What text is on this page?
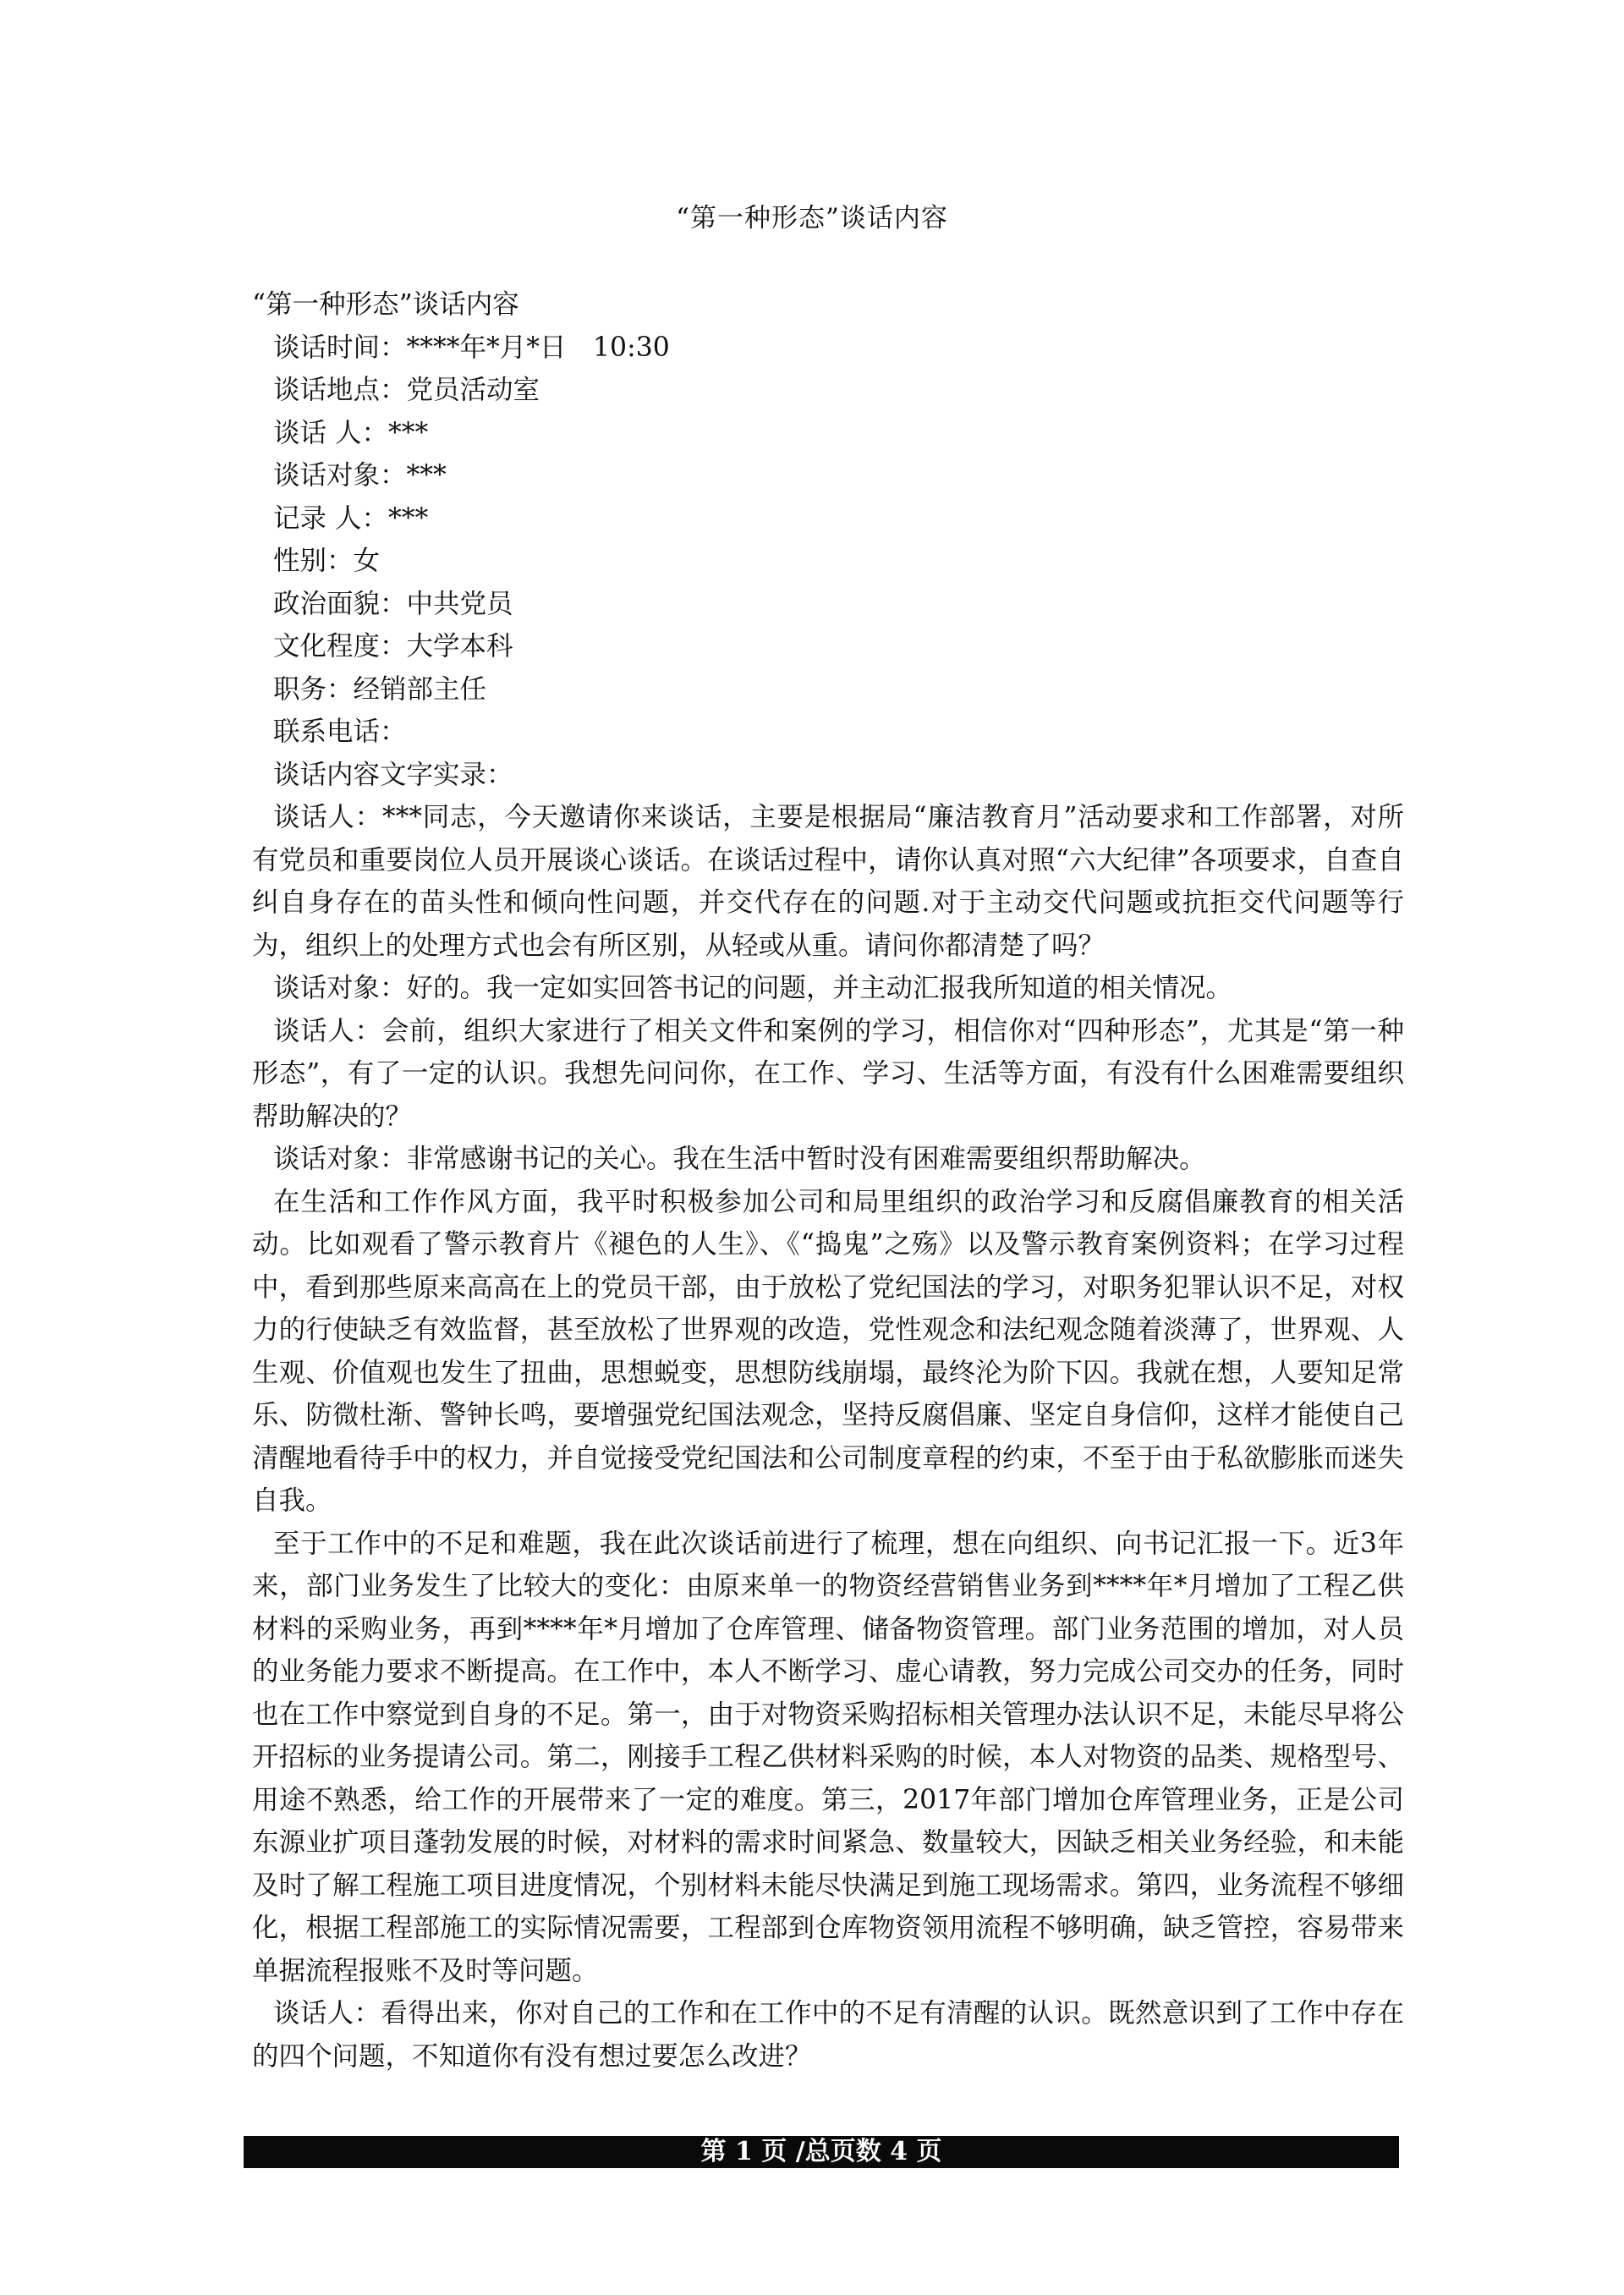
“第一种形态”谈话内容

“第一种形态”谈话内容

谈话时间：****年*月*日　10:30

谈话地点：党员活动室

谈话 人：***

谈话对象：***

记录 人：***

性别：女

政治面貌：中共党员

文化程度：大学本科

职务：经销部主任

联系电话：

谈话内容文字实录：

谈话人：***同志，今天邀请你来谈话，主要是根据局“廉洁教育月”活动要求和工作部署，对所有党员和重要岗位人员开展谈心谈话。在谈话过程中，请你认真对照“六大纪律”各项要求，自查自纠自身存在的苗头性和倾向性问题，并交代存在的问题.对于主动交代问题或抗拒交代问题等行为，组织上的处理方式也会有所区别，从轻或从重。请问你都清楚了吗？

谈话对象：好的。我一定如实回答书记的问题，并主动汇报我所知道的相关情况。

谈话人：会前，组织大家进行了相关文件和案例的学习，相信你对“四种形态”，尤其是“第一种形态”，有了一定的认识。我想先问问你，在工作、学习、生活等方面，有没有什么困难需要组织帮助解决的？

谈话对象：非常感谢书记的关心。我在生活中暂时没有困难需要组织帮助解决。

在生活和工作作风方面，我平时积极参加公司和局里组织的政治学习和反腐倡廉教育的相关活动。比如观看了警示教育片《褪色的人生》、《“捣鬼”之殇》以及警示教育案例资料；在学习过程中，看到那些原来高高在上的党员干部，由于放松了党纪国法的学习，对职务犯罪认识不足，对权力的行使缺乏有效监督，甚至放松了世界观的改造，党性观念和法纪观念随着淡薄了，世界观、人生观、价值观也发生了扭曲，思想蜕变，思想防线崩塌，最终沦为阶下囚。我就在想，人要知足常乐、防微杜渐、警钟长鸣，要增强党纪国法观念，坚持反腐倡廉、坚定自身信仰，这样才能使自己清醒地看待手中的权力，并自觉接受党纪国法和公司制度章程的约束，不至于由于私欲膨胀而迷失自我。

至于工作中的不足和难题，我在此次谈话前进行了梳理，想在向组织、向书记汇报一下。近3年来，部门业务发生了比较大的变化：由原来单一的物资经营销售业务到****年*月增加了工程乙供材料的采购业务，再到****年*月增加了仓库管理、储备物资管理。部门业务范围的增加，对人员的业务能力要求不断提高。在工作中，本人不断学习、虚心请教，努力完成公司交办的任务，同时也在工作中察觉到自身的不足。第一，由于对物资采购招标相关管理办法认识不足，未能尽早将公开招标的业务提请公司。第二，刚接手工程乙供材料采购的时候，本人对物资的品类、规格型号、用途不熟悉，给工作的开展带来了一定的难度。第三，2017年部门增加仓库管理业务，正是公司东源业扩项目蓬勃发展的时候，对材料的需求时间紧急、数量较大，因缺乏相关业务经验，和未能及时了解工程施工项目进度情况，个别材料未能尽快满足到施工现场需求。第四，业务流程不够细化，根据工程部施工的实际情况需要，工程部到仓库物资领用流程不够明确，缺乏管控，容易带来单据流程报账不及时等问题。

谈话人：看得出来，你对自己的工作和在工作中的不足有清醒的认识。既然意识到了工作中存在的四个问题，不知道你有没有想过要怎么改进？

第 1 页 /总页数 4 页
